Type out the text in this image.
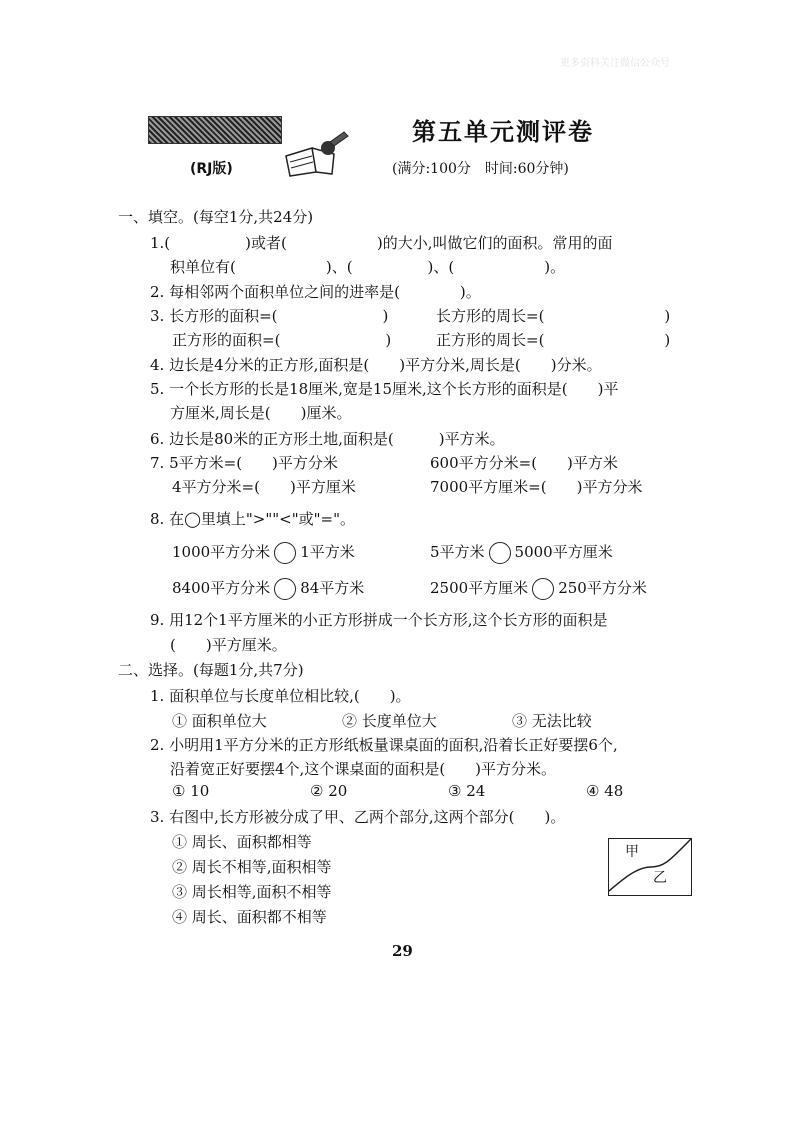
更多资料关注微信公众号
第五单元测评卷
(RJ版)	(满分:100分　时间:60分钟)
一、填空。(每空1分,共24分)
1.(　　　　　)或者(　　　　　　)的大小,叫做它们的面积。常用的面
积单位有(　　　　　　)、(　　　　　)、(　　　　　　)。
2. 每相邻两个面积单位之间的进率是(　　　　)。
3. 长方形的面积=(　　　　　　　)	长方形的周长=(　　　　　　　　)
正方形的面积=(　　　　　　　)	正方形的周长=(　　　　　　　　)
4. 边长是4分米的正方形,面积是(　　)平方分米,周长是(　　)分米。
5. 一个长方形的长是18厘米,宽是15厘米,这个长方形的面积是(　　)平
方厘米,周长是(　　)厘米。
6. 边长是80米的正方形土地,面积是(　　　)平方米。
7. 5平方米=(　　)平方分米	600平方分米=(　　)平方米
4平方分米=(　　)平方厘米	7000平方厘米=(　　)平方分米
8. 在◯里填上">""<"或"="。
1000平方分米 1平方米	5平方米 5000平方厘米
8400平方分米 84平方米	2500平方厘米 250平方分米
9. 用12个1平方厘米的小正方形拼成一个长方形,这个长方形的面积是
(　　)平方厘米。
二、选择。(每题1分,共7分)
1. 面积单位与长度单位相比较,(　　)。
① 面积单位大	② 长度单位大	③ 无法比较
2. 小明用1平方分米的正方形纸板量课桌面的面积,沿着长正好要摆6个,
沿着宽正好要摆4个,这个课桌面的面积是(　　)平方分米。
① 10	② 20	③ 24	④ 48
3. 右图中,长方形被分成了甲、乙两个部分,这两个部分(　　)。
① 周长、面积都相等
② 周长不相等,面积相等
③ 周长相等,面积不相等
④ 周长、面积都不相等
甲
乙
29
